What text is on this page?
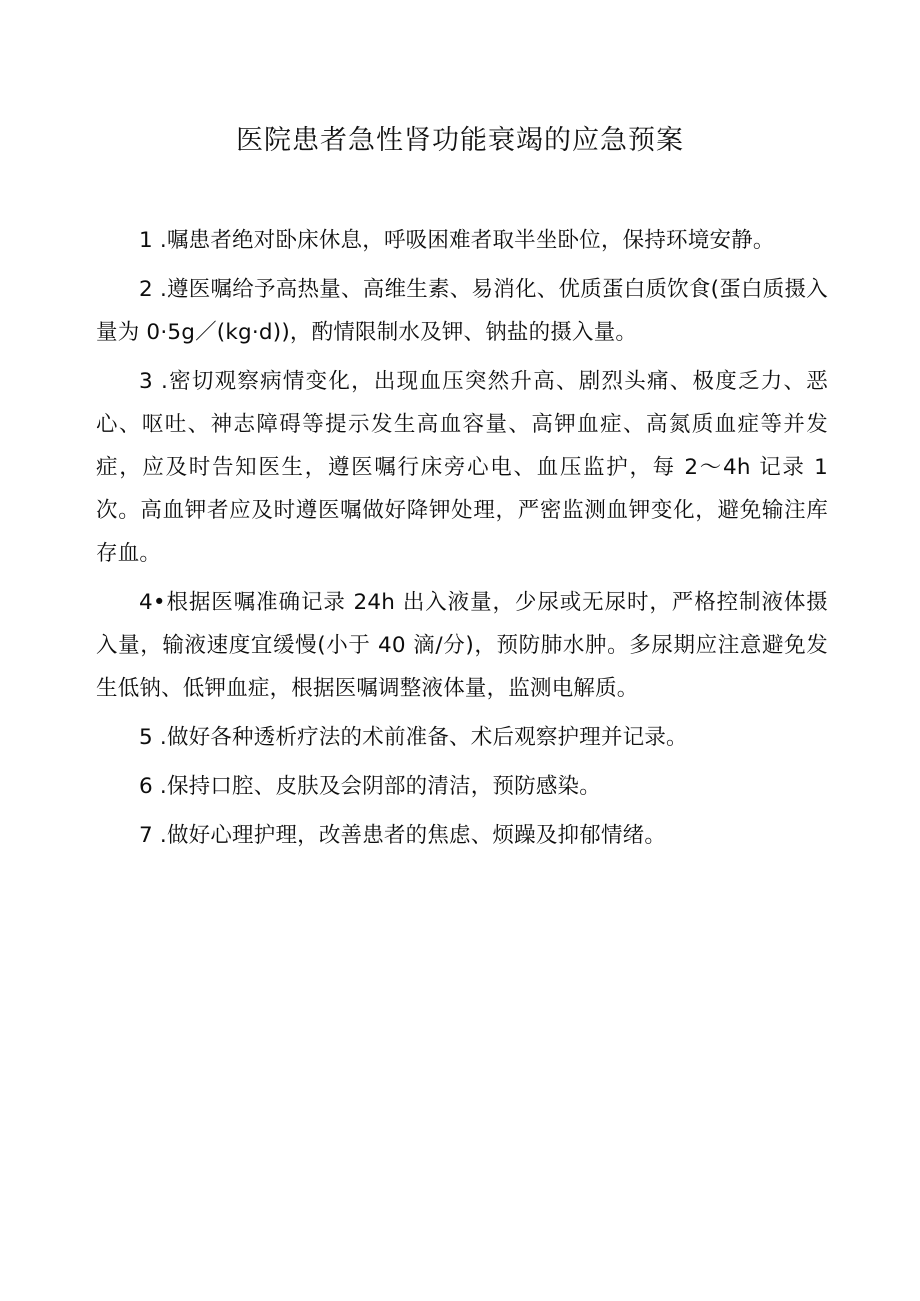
医院患者急性肾功能衰竭的应急预案

1 .嘱患者绝对卧床休息，呼吸困难者取半坐卧位，保持环境安静。

2 .遵医嘱给予高热量、高维生素、易消化、优质蛋白质饮食(蛋白质摄入量为 0·5g／(kg·d))，酌情限制水及钾、钠盐的摄入量。

3 .密切观察病情变化，出现血压突然升高、剧烈头痛、极度乏力、恶心、呕吐、神志障碍等提示发生高血容量、高钾血症、高氮质血症等并发症，应及时告知医生，遵医嘱行床旁心电、血压监护，每 2～4h 记录 1 次。高血钾者应及时遵医嘱做好降钾处理，严密监测血钾变化，避免输注库存血。

4•根据医嘱准确记录 24h 出入液量，少尿或无尿时，严格控制液体摄入量，输液速度宜缓慢(小于 40 滴/分)，预防肺水肿。多尿期应注意避免发生低钠、低钾血症，根据医嘱调整液体量，监测电解质。

5 .做好各种透析疗法的术前准备、术后观察护理并记录。

6 .保持口腔、皮肤及会阴部的清洁，预防感染。

7 .做好心理护理，改善患者的焦虑、烦躁及抑郁情绪。
